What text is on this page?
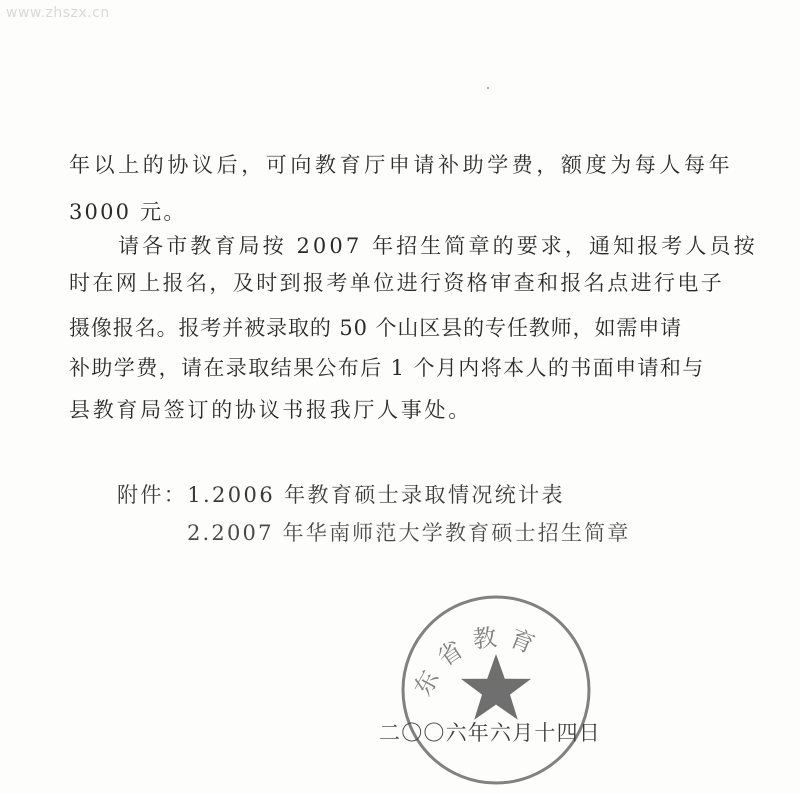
www.zhszx.cn
年以上的协议后，可向教育厅申请补助学费，额度为每人每年
3000 元。
请各市教育局按 2007 年招生简章的要求，通知报考人员按
时在网上报名，及时到报考单位进行资格审查和报名点进行电子
摄像报名。报考并被录取的 50 个山区县的专任教师，如需申请
补助学费，请在录取结果公布后 1 个月内将本人的书面申请和与
县教育局签订的协议书报我厅人事处。
附件：1.2006 年教育硕士录取情况统计表
2.2007 年华南师范大学教育硕士招生简章
东省教育
二〇〇六年六月十四日
